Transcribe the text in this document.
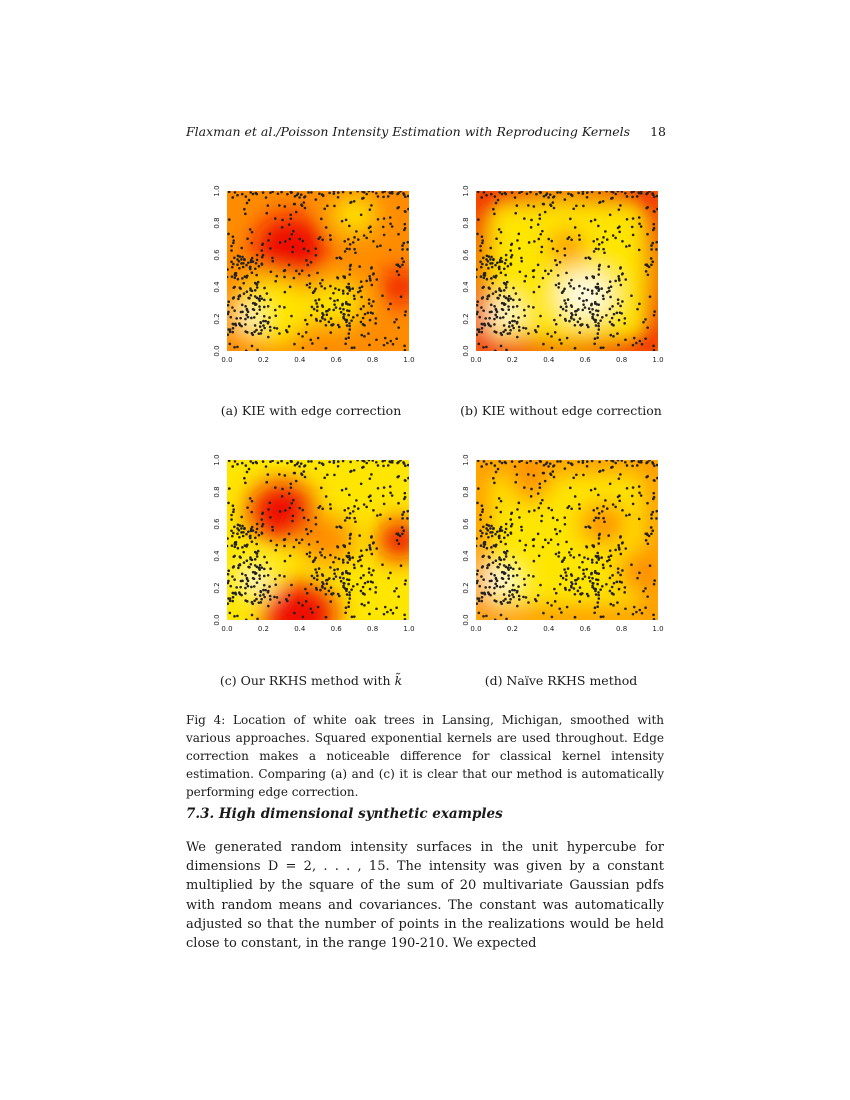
Flaxman et al./Poisson Intensity Estimation with Reproducing Kernels 18
0.0
0.0
0.2
0.2
0.4
0.4
0.6
0.6
0.8
0.8
1.0
1.0
0.0
0.0
0.2
0.2
0.4
0.4
0.6
0.6
0.8
0.8
1.0
1.0
0.0
0.0
0.2
0.2
0.4
0.4
0.6
0.6
0.8
0.8
1.0
1.0
0.0
0.0
0.2
0.2
0.4
0.4
0.6
0.6
0.8
0.8
1.0
1.0
(a) KIE with edge correction	(b) KIE without edge correction
(c) Our RKHS method with k̃	(d) Naïve RKHS method
Fig 4: Location of white oak trees in Lansing, Michigan, smoothed with various approaches. Squared exponential kernels are used throughout. Edge correction makes a noticeable difference for classical kernel intensity estimation. Comparing (a) and (c) it is clear that our method is automatically performing edge correction.
7.3. High dimensional synthetic examples
We generated random intensity surfaces in the unit hypercube for dimensions D = 2, . . . , 15. The intensity was given by a constant multiplied by the square of the sum of 20 multivariate Gaussian pdfs with random means and covariances. The constant was automatically adjusted so that the number of points in the realizations would be held close to constant, in the range 190-210. We expected
